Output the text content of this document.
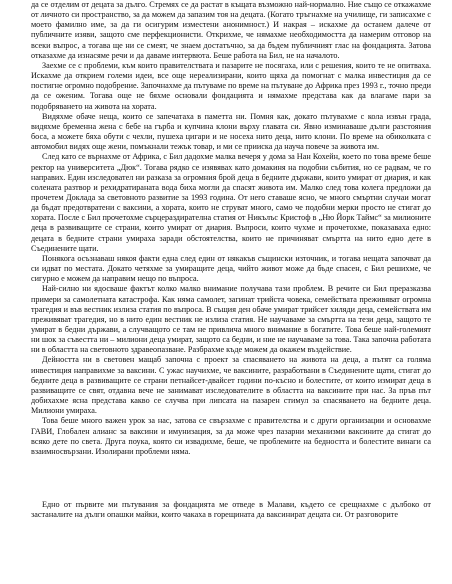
да се отделим от децата за дълго. Стремях се да растат в къщата възможно най-нормално. Ние също се откажахме от личното си пространство, за да можем да запазим тоя на децата. (Когато тръгнахме на училище, ги записахме с моето фамилно име, за да ги осигурим изместени анонимност.) И накрая – искахме да останем далече от публичните изяви, защото сме перфекционисти. Открихме, че нямахме необходимостта да намерим отговор на всеки въпрос, а тогава ще ни се смеят, че знаем достатъчно, за да бъдем публичният глас на фондацията. Затова отказахме да изнасяме речи и да даваме интервюта. Беше работа на Бил, не на началото.

Заехме се с проблеми, към които правителствата и пазарите не посягаха, или с решения, които те не опитваха. Искахме да открием големи идеи, все още нереализирани, които щяха да помогнат с малка инвестиция да се постигне огромно подобрение. Започнахме да пътуваме по време на пътуване до Африка през 1993 г., точно преди да се оженим. Тогава още не бяхме основали фондацията и нямахме представа как да влагаме пари за подобряването на живота на хората.

Видяхме обаче неща, които се запечатаха в паметта ни. Помня как, докато пътувахме с кола извън града, видяхме бременна жена с бебе на гърба и купчина клони върху главата си. Явно изминаваше дълги разстояния боса, а можете бяха обути с чехли, пушеха цигари и не носеха нито деца, нито клони. По време на обиколката с автомобил видях още жени, помъкнали тежък товар, и ми се прииска да науча повече за живота им.

След като се върнахме от Африка, с Бил дадохме малка вечеря у дома за Нан Кохейн, което по това време беше ректор на университета „Дюк“. Тогава рядко се изявявах като домакиня на подобни събития, но се радвам, че го направих. Един изследовател ни разказа за огромния брой деца в бедните държави, които умират от диария, и как солената разтвор и рехидратираната вода биха могли да спасят живота им. Малко след това колега предложи да прочетем Доклада за световното развитие за 1993 година. От него ставаше ясно, че много смъртни случаи могат да бъдат предотвратени с ваксини, а хората, които не струват много, само че подобни мерки просто не стигат до хората. После с Бил прочетохме сърцераздирателна статия от Никълъс Кристоф в „Ню Йорк Таймс“ за милионите деца в развиващите се страни, които умират от диария. Въпроси, които чухме и прочетохме, показаваха едно: децата в бедните страни умираха заради обстоятелства, които не причиняват смъртта на нито едно дете в Съединените щати.

Понякога осъзнаваш някоя факти една след един от някакъв същински източник, и тогава нещата започват да си идват по местата. Докато четяхме за умиращите деца, чийто живот може да бъде спасен, с Бил решихме, че сигурно е можем да направим нещо по въпроса.

Най-силно ни ядосваше фактът колко малко внимание получава тази проблем. В речите си Бил преразказва примери за самолетната катастрофа. Как няма самолет, загинат трийста човека, семействата преживяват огромна трагедия и във вестник излиза статия по въпроса. В същия ден обаче умират трийсет хиляди деца, семействата им преживяват трагедия, но в нито един вестник не излиза статия. Не научаваме за смъртта на тези деца, защото те умират в бедни държави, а случващото се там не привлича много внимание в богатите. Това беше най-големият ни шок за съвестта ни – милиони деца умират, защото са бедни, и ние не научаваме за това. Така започна работата ни в областта на световното здравеопазване. Разбрахме къде можем да окажем въздействие.

Дейността ни в световен мащаб започна с проект за спасяването на живота на деца, а пътят са голяма инвестиция направихме за ваксини. С ужас научихме, че ваксините, разработвани в Съединените щати, стигат до бедните деца в развиващите се страни петнайсет-двайсет години по-късно и болестите, от които измират деца в развиващите се свят, отдавна вече не занимават изследователите в областта на ваксините при нас. За пръв път добихахме ясна представа какво се случва при липсата на пазарен стимул за спасяването на бедните деца. Милиони умираха.

Това беше много важен урок за нас, затова се свързахме с правителства и с други организации и основахме ГАВИ, Глобален алианс за ваксини и имунизация, за да може чрез пазарни механизми ваксините да стигат до всяко дете по света. Друга поука, която си извадихме, беше, че проблемите на бедността и болестите винаги са взаимносвързани. Изолирани проблеми няма.

Едно от първите ми пътувания за фондацията ме отведе в Малави, където се срещнахме с дълбоко от застаналите на дълги опашки майки, които чакаха в горещината да ваксинират децата си. От разговорите
